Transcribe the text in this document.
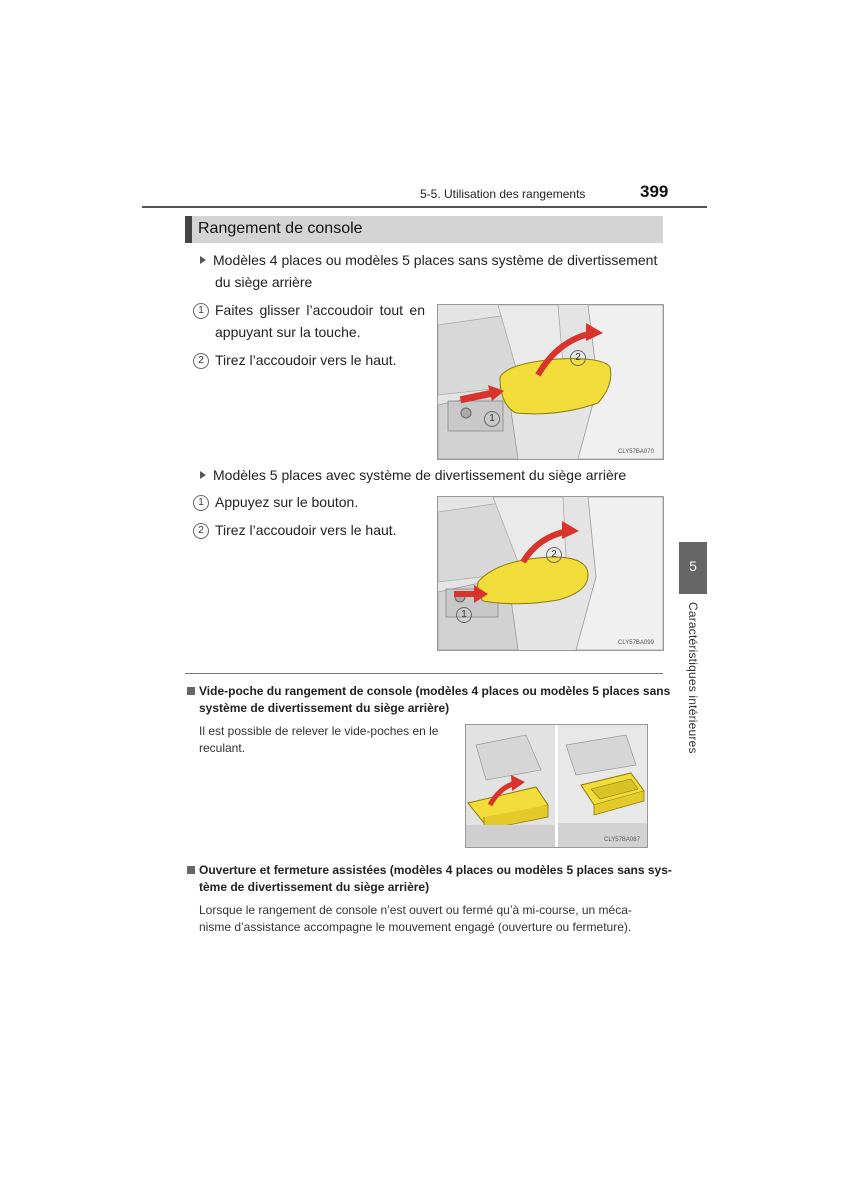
5-5. Utilisation des rangements	399
Rangement de console
Modèles 4 places ou modèles 5 places sans système de divertissement
du siège arrière
1 Faites glisser l’accoudoir tout en
appuyant sur la touche.
2 Tirez l’accoudoir vers le haut.	2
1
CLY57BA070
Modèles 5 places avec système de divertissement du siège arrière
1 Appuyez sur le bouton.
2 Tirez l’accoudoir vers le haut.
2
1
CLY57BA099
Vide-poche du rangement de console (modèles 4 places ou modèles 5 places sans
système de divertissement du siège arrière)
Il est possible de relever le vide-poches en le
reculant.
CLY57BA087
Ouverture et fermeture assistées (modèles 4 places ou modèles 5 places sans sys-
tème de divertissement du siège arrière)
Lorsque le rangement de console n’est ouvert ou fermé qu’à mi-course, un méca-
nisme d’assistance accompagne le mouvement engagé (ouverture ou fermeture).
5
Caractéristiques intérieures
